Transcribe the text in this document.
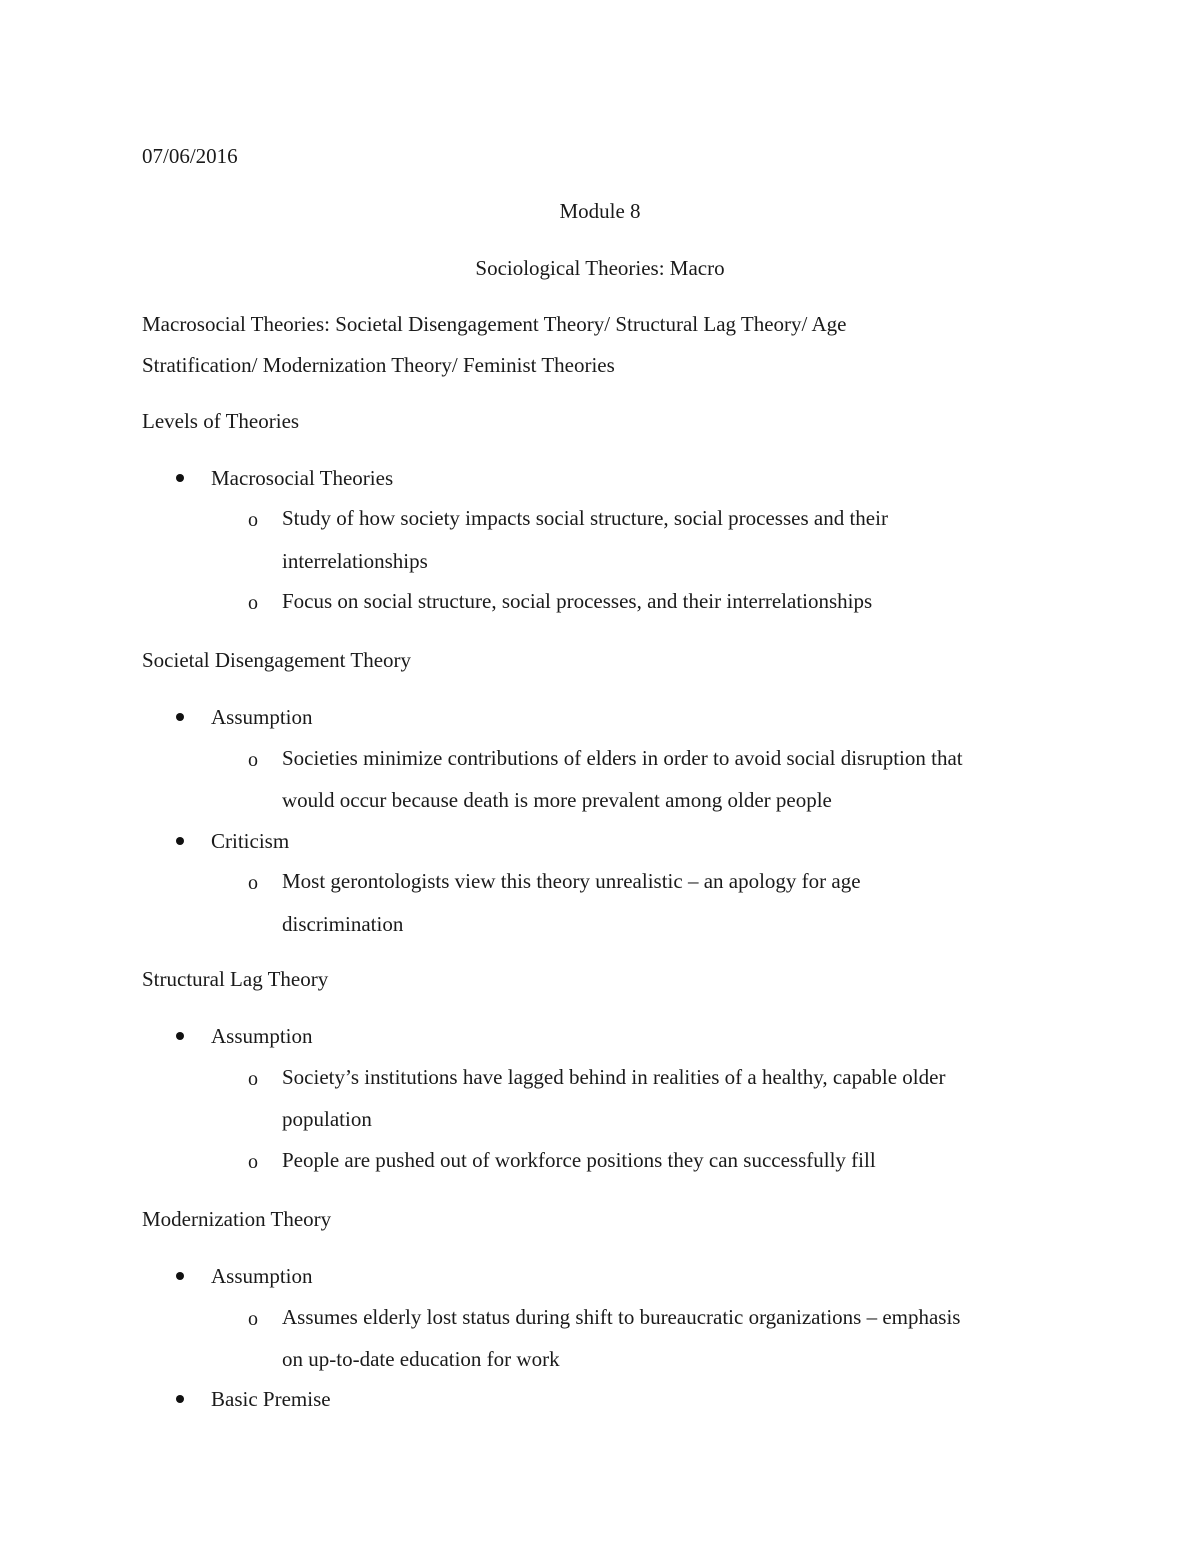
07/06/2016
Module 8
Sociological Theories: Macro
Macrosocial Theories: Societal Disengagement Theory/ Structural Lag Theory/ Age
Stratification/ Modernization Theory/ Feminist Theories
Levels of Theories
Macrosocial Theories
o Study of how society impacts social structure, social processes and their
interrelationships
o Focus on social structure, social processes, and their interrelationships
Societal Disengagement Theory
Assumption
o Societies minimize contributions of elders in order to avoid social disruption that
would occur because death is more prevalent among older people
Criticism
o Most gerontologists view this theory unrealistic – an apology for age
discrimination
Structural Lag Theory
Assumption
o Society’s institutions have lagged behind in realities of a healthy, capable older
population
o People are pushed out of workforce positions they can successfully fill
Modernization Theory
Assumption
o Assumes elderly lost status during shift to bureaucratic organizations – emphasis
on up-to-date education for work
Basic Premise
